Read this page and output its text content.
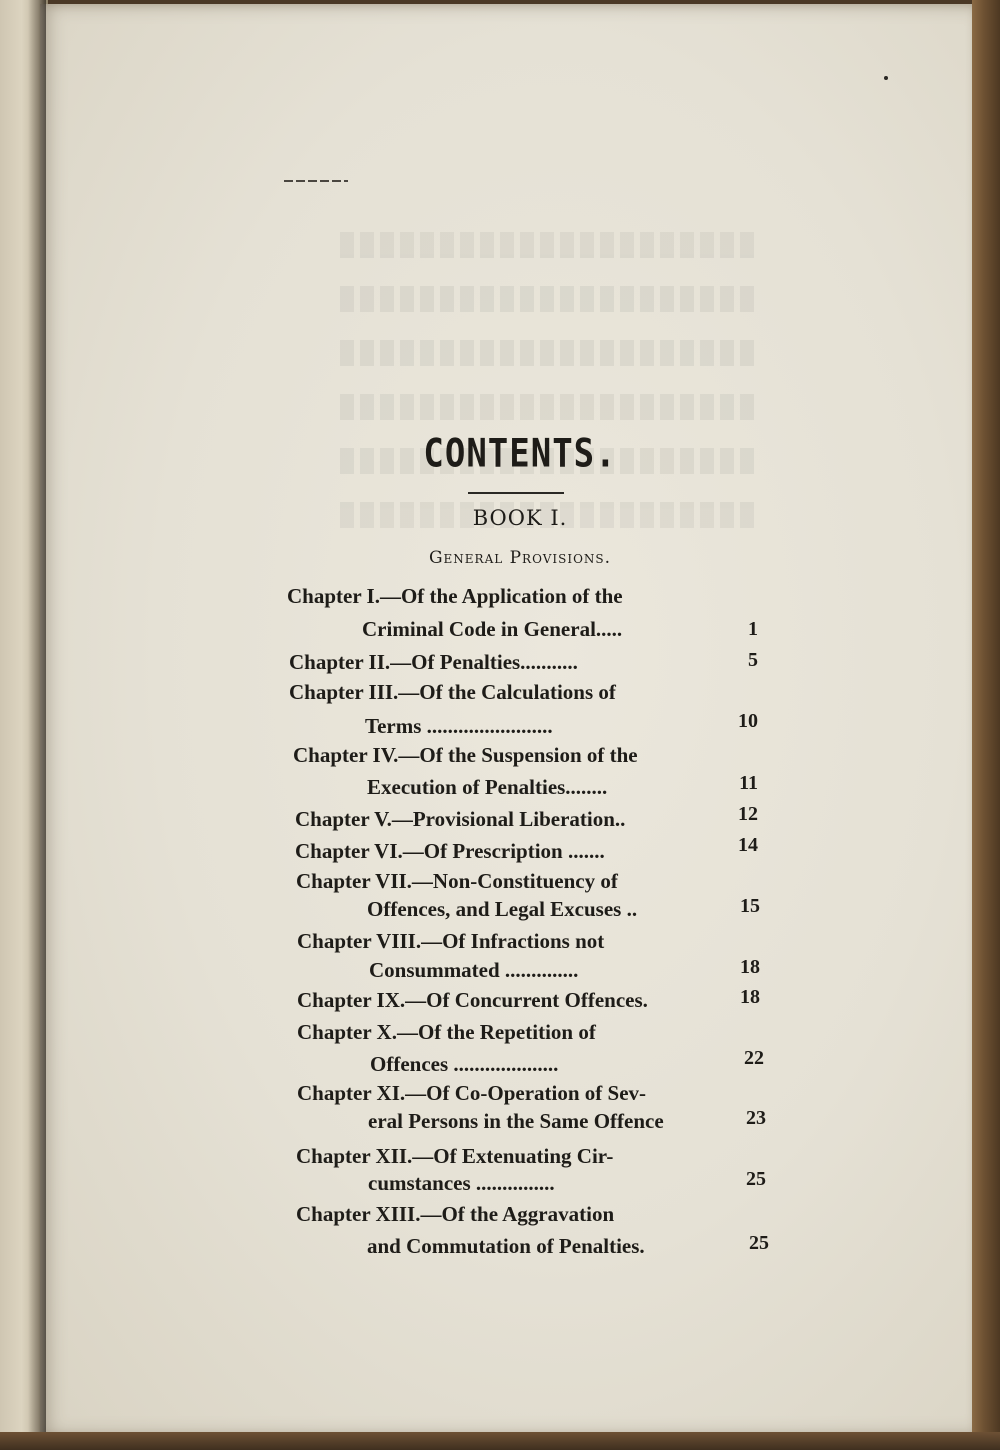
CONTENTS.
BOOK I.
General Provisions.
Chapter I.—Of the Application of the
Criminal Code in General.....	1
Chapter II.—Of Penalties...........	5
Chapter III.—Of the Calculations of
Terms ........................	10
Chapter IV.—Of the Suspension of the
Execution of Penalties........	11
Chapter V.—Provisional Liberation..	12
Chapter VI.—Of Prescription .......	14
Chapter VII.—Non-Constituency of
Offences, and Legal Excuses ..	15
Chapter VIII.—Of Infractions not
Consummated ..............	18
Chapter IX.—Of Concurrent Offences.	18
Chapter X.—Of the Repetition of
Offences ....................	22
Chapter XI.—Of Co-Operation of Sev-
eral Persons in the Same Offence	23
Chapter XII.—Of Extenuating Cir-
cumstances ...............	25
Chapter XIII.—Of the Aggravation
and Commutation of Penalties.	25
